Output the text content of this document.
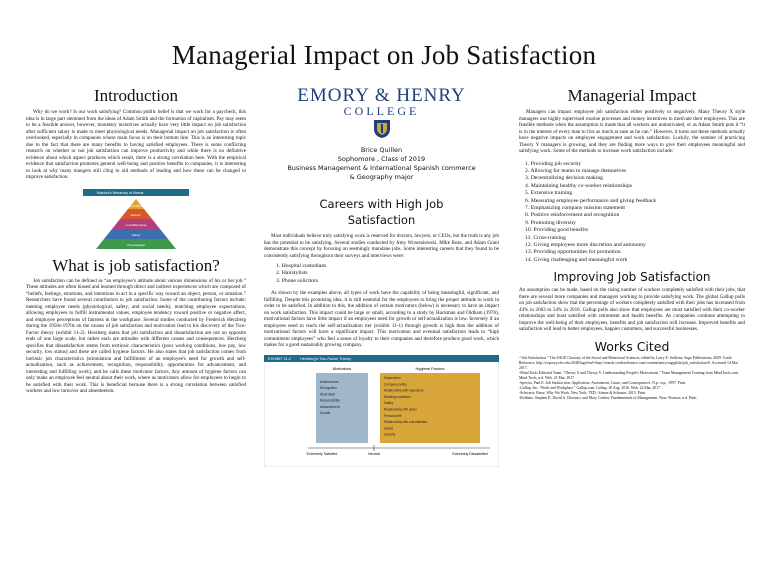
Managerial Impact on Job Satisfaction
Introduction

Why do we work? Is our work satisfying? Common public belief is that we work for a paycheck, this idea is in large part stemmed from the ideas of Adam Smith and the formation of capitalism. Pay may seem to be a feasible answer, however, monetary incentives actually have very little impact on job satisfaction after sufficient salary is made to meet physiological needs. Managerial impact on job satisfaction is often overlooked, especially in companies whose main focus is on their bottom line. This is an interesting topic due to the fact that there are many benefits to having satisfied employees. There is some conflicting research on whether or not job satisfaction can improve productivity and while there is no definitive evidence about which aspect produces which result, there is a strong correlation here. With the empirical evidence that satisfaction promotes general well-being and positive benefits to companies, it is interesting to look at why many mangers still cling to old methods of leading and how these can be changed to improve satisfaction.

Maslow's Hierarchy of Needs
Self-actualization
Esteem
Love/Belonging
Safety
Physiological
What is job satisfaction?

Job satisfaction can be defined as “an employee’s attitude about various dimensions of his or her job.” These attitudes are often biased and learned through direct and indirect experiences which are composed of “beliefs, feelings, emotions, and intentions to act in a specific way toward an object, person, or situation.” Researchers have found several contributors to job satisfaction. Some of the contributing factors include: meeting employee needs (physiological, safety, and social needs), matching employee expectations, allowing employees to fulfill instrumental values, employee tendency toward positive or negative affect, and employee perceptions of fairness in the workplace. Several studies conducted by Frederick Herzberg during the 1950s-1970s on the causes of job satisfaction and motivation lead to his discovery of the Two-Factor theory (exhibit 11-2). Herzberg states that job satisfaction and dissatisfaction are not on opposite ends of one large scale, but rather each are attitudes with different causes and consequences. Herzberg specifies that dissatisfaction stems from extrinsic characteristics (poor working conditions, low pay, low security, low status) and these are called hygiene factors. He also states that job satisfaction comes from intrinsic job characteristics (stimulation and fulfillment of an employee's need for growth and self-actualization, such as achievement, recognition, responsibility, opportunities for advancement, and interesting and fulfilling work), and he calls these motivator factors. Any amount of hygiene factors can only make an employee feel neutral about their work, where as motivators allow for employees to begin to be satisfied with their work. This is beneficial because there is a strong correlation between satisfied workers and low turnover and absenteeism.

EMORY & HENRY
COLLEGE
Brice Quillen
Sophomore , Class of 2019
Business Management & International Spanish commerce
& Geography major
Careers with High Job
Satisfaction

Most individuals believe truly satisfying work is reserved for doctors, lawyers, or CEOs, but the truth is any job has the potential to be satisfying. Several studies conducted by Amy Wrzesniewski, Mike Rose, and Adam Grant demonstrate this concept by focusing on seemingly mundane jobs. Some interesting careers that they found to be consistently satisfying throughout their surveys and interviews were:

1. Hospital custodians
2. Hairstylists
3. Phone solicitors

As shown by the examples above, all types of work have the capability of being meaningful, significant, and fulfilling. Despite this promising idea, it is still essential for the employees to bring the proper attitude to work in order to be satisfied. In addition to this, the addition of certain motivators (below) is necessary to have an impact on work satisfaction. This impact could be large or small, according to a study by Hackman and Oldham (1976), motivational factors have little impact if an employees need for growth or self-actualization is low. Inversely if an employees need to reach the self-actualization tier (exhibit 11-1) through growth is high than the addition of motivational factors will have a significant impact. This motivation and eventual satisfaction leads to “high commitment employees” who feel a sense of loyalty to their companies and therefore produce good work, which makes for a good sustainably growing company.

EXHIBIT 11-2 Herzberg's Two-Factor Theory
Motivators	Hygiene Factors
Achievement
Recognition
Work itself
Responsibility
Advancement
Growth
Supervision
Company policy
Relationship with supervisor
Working conditions
Salary
Relationship with peers
Personal life
Relationship with subordinates
Status
Security
Extremely Satisfied	Neutral	Extremely Dissatisfied
Managerial Impact

Managers can impact employee job satisfaction either positively or negatively. Many Theory X style managers use highly supervised routine processes and money incentives to motivate their employees. This are feasible methods when the assumption is made that all workers are unmotivated, or as Adam Smith puts it “it is in the interest of every man to live as much at ease as he can.” However, it turns out these methods actually have negative impacts on employee engagement and work satisfaction. Luckily, the number of practicing Theory Y managers is growing, and they are finding more ways to give their employees meaningful and satisfying work. Some of the methods to increase work satisfaction include:

1. Providing job security
2. Allowing for teams to manage themselves
3. Decentralizing decision making
4. Maintaining healthy co-worker relationships
5. Extensive training
6. Measuring employee performance and giving feedback
7. Emphasizing company mission statement
8. Positive reinforcement and recognition
9. Promoting diversity
10. Providing good benefits
11. Cross-training
12. Giving employees more discretion and autonomy
13. Providing opportunities for promotion
14. Giving challenging and meaningful work
Improving Job Satisfaction

An assumption can be made, based on the rising number of workers completely satisfied with their jobs, that there are several more companies and managers working to provide satisfying work. The global Gallup polls on job satisfaction show that the percentage of workers completely satisfied with their jobs has increased from 44% in 2003 to 54% in 2016. Gallup polls also show that employees are most satisfied with their co-worker relationships and least satisfied with retirement and health benefits. As companies continue attempting to improve the well-being of their employees, benefits and job satisfaction will increase. Improved benefits and satisfaction will lead to better employees, happier customers, and successful businesses.

Works Cited

-“Job Satisfaction.” The SAGE Glossary of the Social and Behavioral Sciences, edited by Larry E. Sullivan, Sage Publications, 2009. Credo Reference, http://ezproxy.ehc.edu:2048/login?url=http://search.credoreference.com/content/entry/sageglsbs/job_satisfaction/0. Accessed 14 Mar 2017.

-Mind Tools Editorial Team. “Theory X and Theory Y: Understanding People's Motivations.” Team Management Training from MindTools.com. Mind Tools, n.d. Web. 21 Mar. 2017.

-Spector, Paul E. Job Satisfaction: Application, Assessment, Cause, and Consequences. N.p.: n.p., 1997. Print.

-Gallup, Inc. “Work and Workplace.” Gallup.com. Gallup, 30 Aug. 2016. Web. 22 Mar. 2017.

-Schwartz, Barry. Why We Work. New York: TED ; Simon & Schuster, 2015. Print.

-Robbins, Stephen P., David A. Decenzo, and Mary Coulter. Fundamentals of Management. New: Pearson, n.d. Print.
